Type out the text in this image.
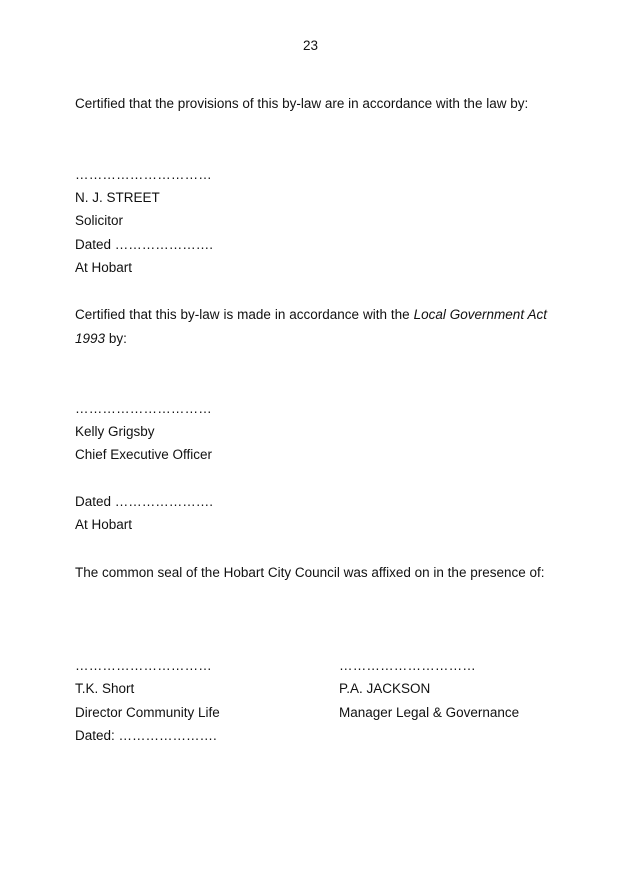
23
Certified that the provisions of this by-law are in accordance with the law by:
…………………………
N. J. STREET
Solicitor
Dated ………………….
At Hobart
Certified that this by-law is made in accordance with the Local Government Act 1993 by:
…………………………
Kelly Grigsby
Chief Executive Officer
Dated ………………….
At Hobart
The common seal of the Hobart City Council was affixed on in the presence of:
…………………………
T.K. Short
Director Community Life
Dated: ………………….
…………………………
P.A. JACKSON
Manager Legal & Governance
